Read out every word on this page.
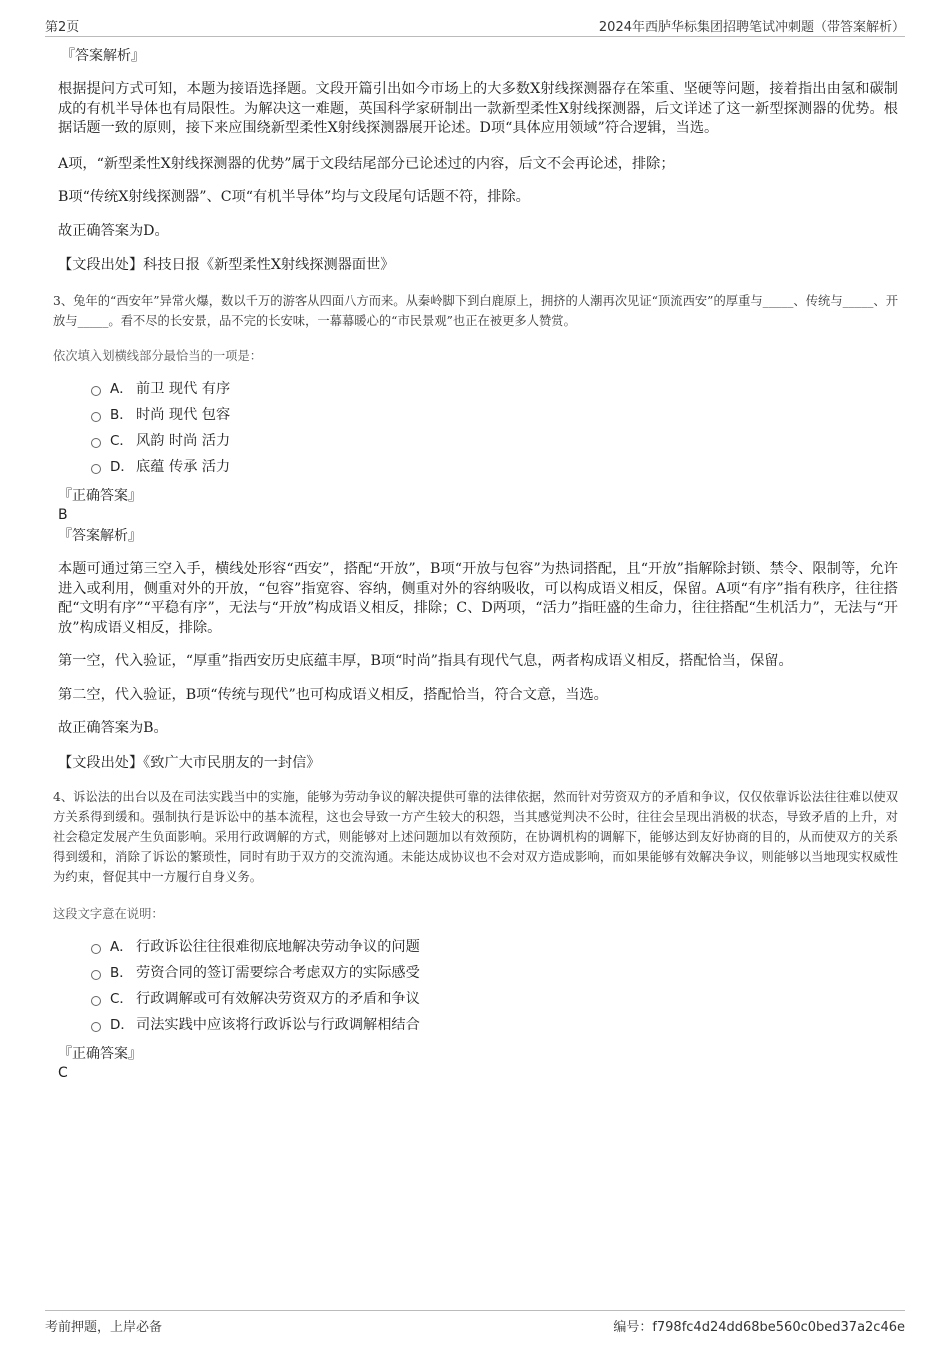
第2页	2024年西胪华标集团招聘笔试冲刺题（带答案解析）

『答案解析』

根据提问方式可知，本题为接语选择题。文段开篇引出如今市场上的大多数X射线探测器存在笨重、坚硬等问题，接着指出由氢和碳制成的有机半导体也有局限性。为解决这一难题，英国科学家研制出一款新型柔性X射线探测器，后文详述了这一新型探测器的优势。根据话题一致的原则，接下来应围绕新型柔性X射线探测器展开论述。D项“具体应用领域”符合逻辑，当选。

A项，“新型柔性X射线探测器的优势”属于文段结尾部分已论述过的内容，后文不会再论述，排除；

B项“传统X射线探测器”、C项“有机半导体”均与文段尾句话题不符，排除。

故正确答案为D。

【文段出处】科技日报《新型柔性X射线探测器面世》

3、兔年的“西安年”异常火爆，数以千万的游客从四面八方而来。从秦岭脚下到白鹿原上，拥挤的人潮再次见证“顶流西安”的厚重与_____、传统与_____、开放与_____。看不尽的长安景，品不完的长安味，一幕幕暖心的“市民景观”也正在被更多人赞赏。

依次填入划横线部分最恰当的一项是：

A． 前卫 现代 有序
B． 时尚 现代 包容
C． 风韵 时尚 活力
D． 底蕴 传承 活力

『正确答案』

B

『答案解析』

本题可通过第三空入手，横线处形容“西安”，搭配“开放”，B项“开放与包容”为热词搭配，且“开放”指解除封锁、禁令、限制等，允许进入或利用，侧重对外的开放，“包容”指宽容、容纳，侧重对外的容纳吸收，可以构成语义相反，保留。A项“有序”指有秩序，往往搭配“文明有序”“平稳有序”，无法与“开放”构成语义相反，排除；C、D两项，“活力”指旺盛的生命力，往往搭配“生机活力”，无法与“开放”构成语义相反，排除。

第一空，代入验证，“厚重”指西安历史底蕴丰厚，B项“时尚”指具有现代气息，两者构成语义相反，搭配恰当，保留。

第二空，代入验证，B项“传统与现代”也可构成语义相反，搭配恰当，符合文意，当选。

故正确答案为B。

【文段出处】《致广大市民朋友的一封信》

4、诉讼法的出台以及在司法实践当中的实施，能够为劳动争议的解决提供可靠的法律依据，然而针对劳资双方的矛盾和争议，仅仅依靠诉讼法往往难以使双方关系得到缓和。强制执行是诉讼中的基本流程，这也会导致一方产生较大的积怨，当其感觉判决不公时，往往会呈现出消极的状态，导致矛盾的上升，对社会稳定发展产生负面影响。采用行政调解的方式，则能够对上述问题加以有效预防，在协调机构的调解下，能够达到友好协商的目的，从而使双方的关系得到缓和，消除了诉讼的繁琐性，同时有助于双方的交流沟通。未能达成协议也不会对双方造成影响，而如果能够有效解决争议，则能够以当地现实权威性为约束，督促其中一方履行自身义务。

这段文字意在说明：

A． 行政诉讼往往很难彻底地解决劳动争议的问题
B． 劳资合同的签订需要综合考虑双方的实际感受
C． 行政调解或可有效解决劳资双方的矛盾和争议
D． 司法实践中应该将行政诉讼与行政调解相结合

『正确答案』

C

考前押题，上岸必备	编号：f798fc4d24dd68be560c0bed37a2c46e
